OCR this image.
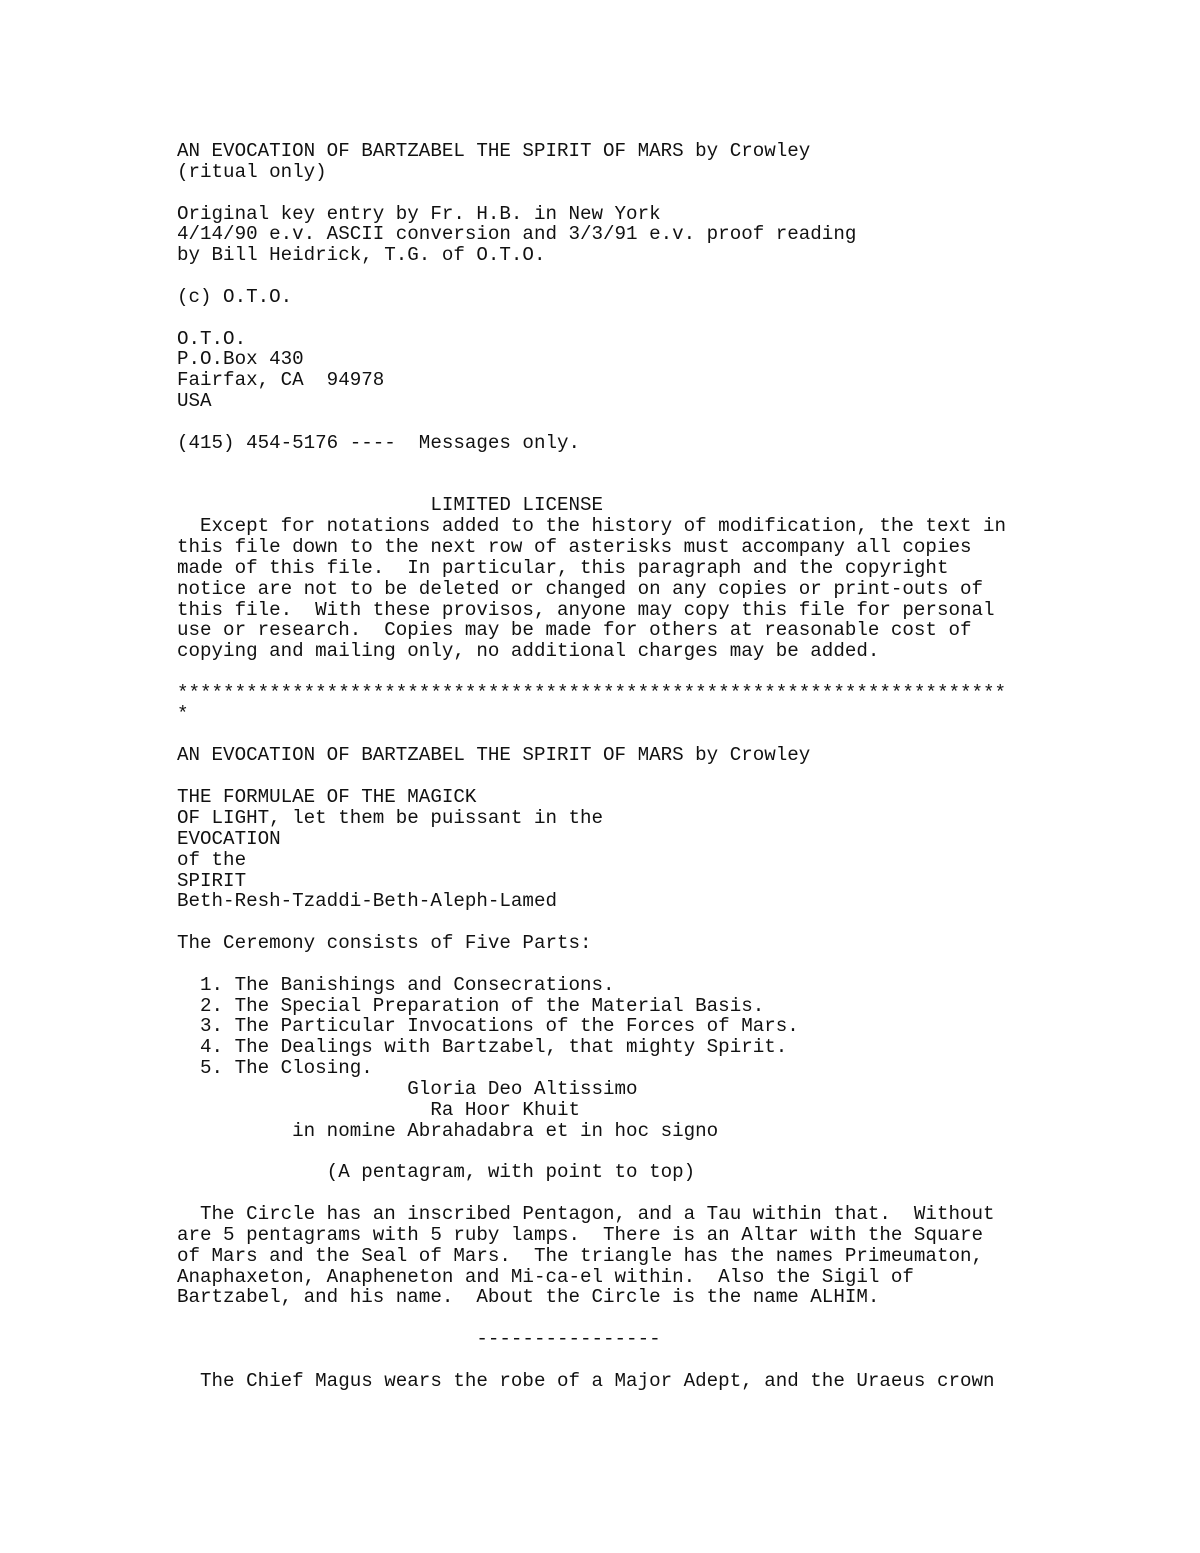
AN EVOCATION OF BARTZABEL THE SPIRIT OF MARS by Crowley
(ritual only)
Original key entry by Fr. H.B. in New York
4/14/90 e.v. ASCII conversion and 3/3/91 e.v. proof reading
by Bill Heidrick, T.G. of O.T.O.
(c) O.T.O.
O.T.O.
P.O.Box 430
Fairfax, CA  94978
USA
(415) 454-5176 ----  Messages only.
LIMITED LICENSE
Except for notations added to the history of modification, the text in
this file down to the next row of asterisks must accompany all copies
made of this file.  In particular, this paragraph and the copyright
notice are not to be deleted or changed on any copies or print-outs of
this file.  With these provisos, anyone may copy this file for personal
use or research.  Copies may be made for others at reasonable cost of
copying and mailing only, no additional charges may be added.
************************************************************************
*
AN EVOCATION OF BARTZABEL THE SPIRIT OF MARS by Crowley
THE FORMULAE OF THE MAGICK
OF LIGHT, let them be puissant in the
EVOCATION
of the
SPIRIT
Beth-Resh-Tzaddi-Beth-Aleph-Lamed
The Ceremony consists of Five Parts:
1. The Banishings and Consecrations.
2. The Special Preparation of the Material Basis.
3. The Particular Invocations of the Forces of Mars.
4. The Dealings with Bartzabel, that mighty Spirit.
5. The Closing.
Gloria Deo Altissimo
Ra Hoor Khuit
in nomine Abrahadabra et in hoc signo
(A pentagram, with point to top)
The Circle has an inscribed Pentagon, and a Tau within that.  Without
are 5 pentagrams with 5 ruby lamps.  There is an Altar with the Square
of Mars and the Seal of Mars.  The triangle has the names Primeumaton,
Anaphaxeton, Anapheneton and Mi-ca-el within.  Also the Sigil of
Bartzabel, and his name.  About the Circle is the name ALHIM.
----------------
The Chief Magus wears the robe of a Major Adept, and the Uraeus crown
